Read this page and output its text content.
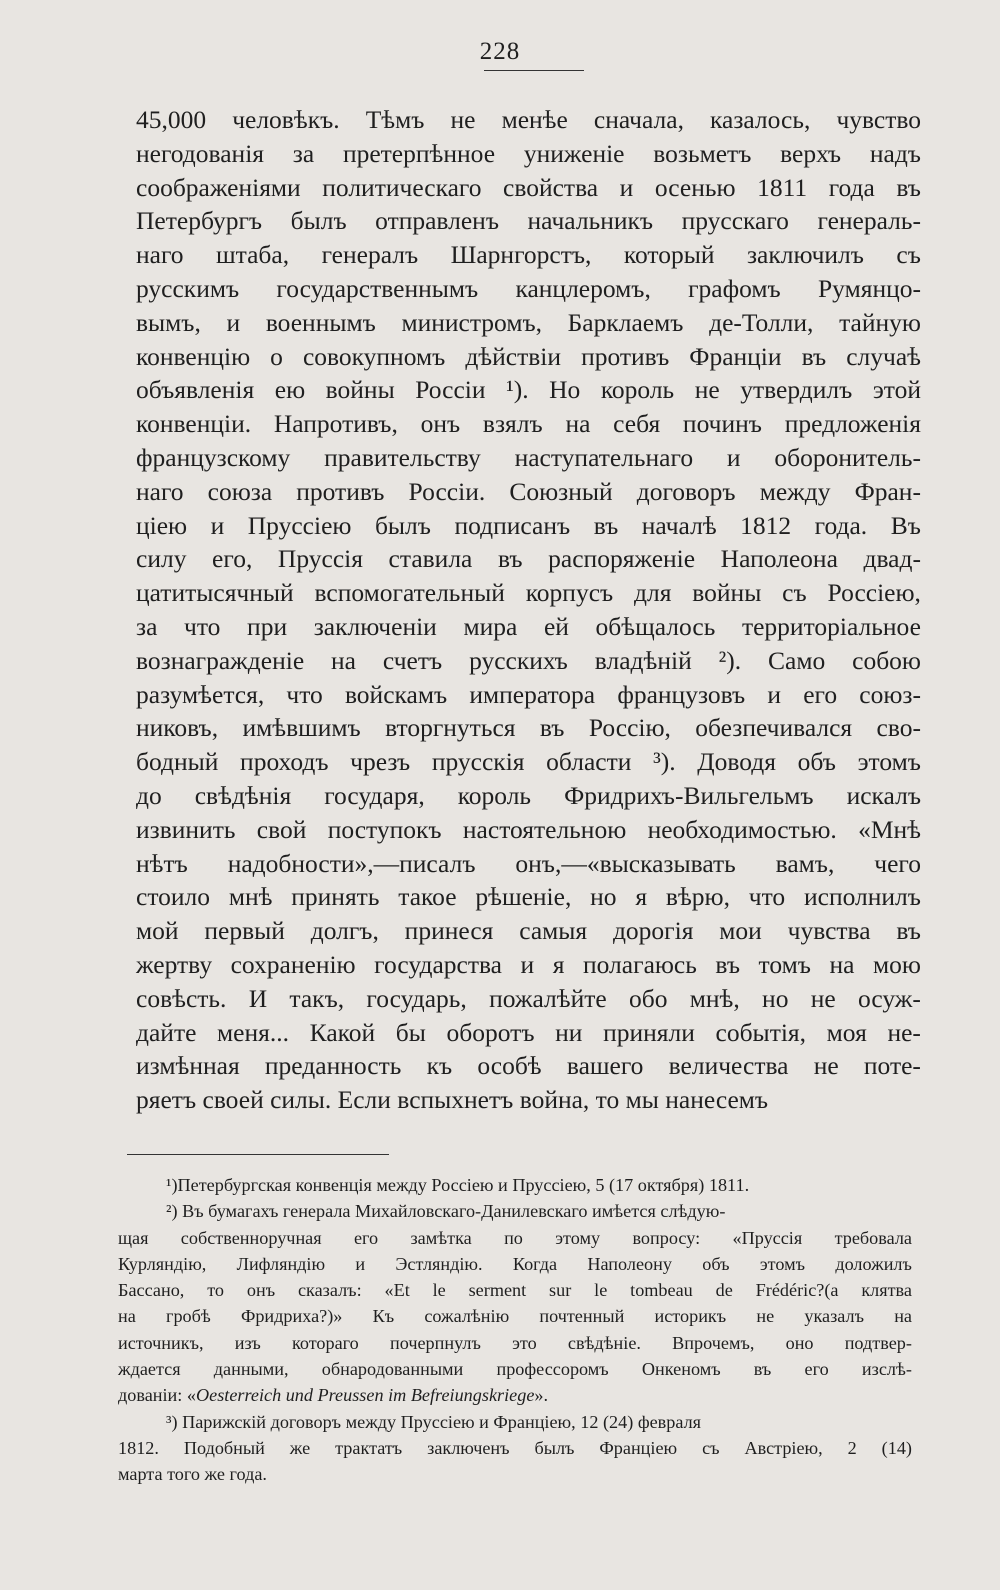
228
45,000 человѣкъ. Тѣмъ не менѣе сначала, казалось, чувство
негодованія за претерпѣнное униженіе возьметъ верхъ надъ
соображеніями политическаго свойства и осенью 1811 года въ
Петербургъ былъ отправленъ начальникъ прусскаго генераль-
наго штаба, генералъ Шарнгорстъ, который заключилъ съ
русскимъ государственнымъ канцлеромъ, графомъ Румянцо-
вымъ, и военнымъ министромъ, Барклаемъ де-Толли, тайную
конвенцію о совокупномъ дѣйствіи противъ Франціи въ случаѣ
объявленія ею войны Россіи ¹). Но король не утвердилъ этой
конвенціи. Напротивъ, онъ взялъ на себя починъ предложенія
французскому правительству наступательнаго и оборонитель-
наго союза противъ Россіи. Союзный договоръ между Фран-
ціею и Пруссіею былъ подписанъ въ началѣ 1812 года. Въ
силу его, Пруссія ставила въ распоряженіе Наполеона двад-
цатитысячный вспомогательный корпусъ для войны съ Россіею,
за что при заключеніи мира ей обѣщалось территоріальное
вознагражденіе на счетъ русскихъ владѣній ²). Само собою
разумѣется, что войскамъ императора французовъ и его союз-
никовъ, имѣвшимъ вторгнуться въ Россію, обезпечивался сво-
бодный проходъ чрезъ прусскія области ³). Доводя объ этомъ
до свѣдѣнія государя, король Фридрихъ-Вильгельмъ искалъ
извинить свой поступокъ настоятельною необходимостью. «Мнѣ
нѣтъ надобности»,—писалъ онъ,—«высказывать вамъ, чего
стоило мнѣ принять такое рѣшеніе, но я вѣрю, что исполнилъ
мой первый долгъ, принеся самыя дорогія мои чувства въ
жертву сохраненію государства и я полагаюсь въ томъ на мою
совѣсть. И такъ, государь, пожалѣйте обо мнѣ, но не осуж-
дайте меня... Какой бы оборотъ ни приняли событія, моя не-
измѣнная преданность къ особѣ вашего величества не поте-
ряетъ своей силы. Если вспыхнетъ война, то мы нанесемъ
¹)Петербургская конвенція между Россіею и Пруссіею, 5 (17 октября) 1811.
²) Въ бумагахъ генерала Михайловскаго-Данилевскаго имѣется слѣдую-
щая собственноручная его замѣтка по этому вопросу: «Пруссія требовала
Курляндію, Лифляндію и Эстляндію. Когда Наполеону объ этомъ доложилъ
Бассано, то онъ сказалъ: «Et le serment sur le tombeau de Frédéric?(a клятва
на гробѣ Фридриха?)» Къ сожалѣнію почтенный историкъ не указалъ на
источникъ, изъ котораго почерпнулъ это свѣдѣніе. Впрочемъ, оно подтвер-
ждается данными, обнародованными профессоромъ Онкеномъ въ его изслѣ-
дованіи: «Oesterreich und Preussen im Befreiungskriege».
³) Парижскій договоръ между Пруссіею и Франціею, 12 (24) февраля
1812. Подобный же трактатъ заключенъ былъ Франціею съ Австріею, 2 (14)
марта того же года.
